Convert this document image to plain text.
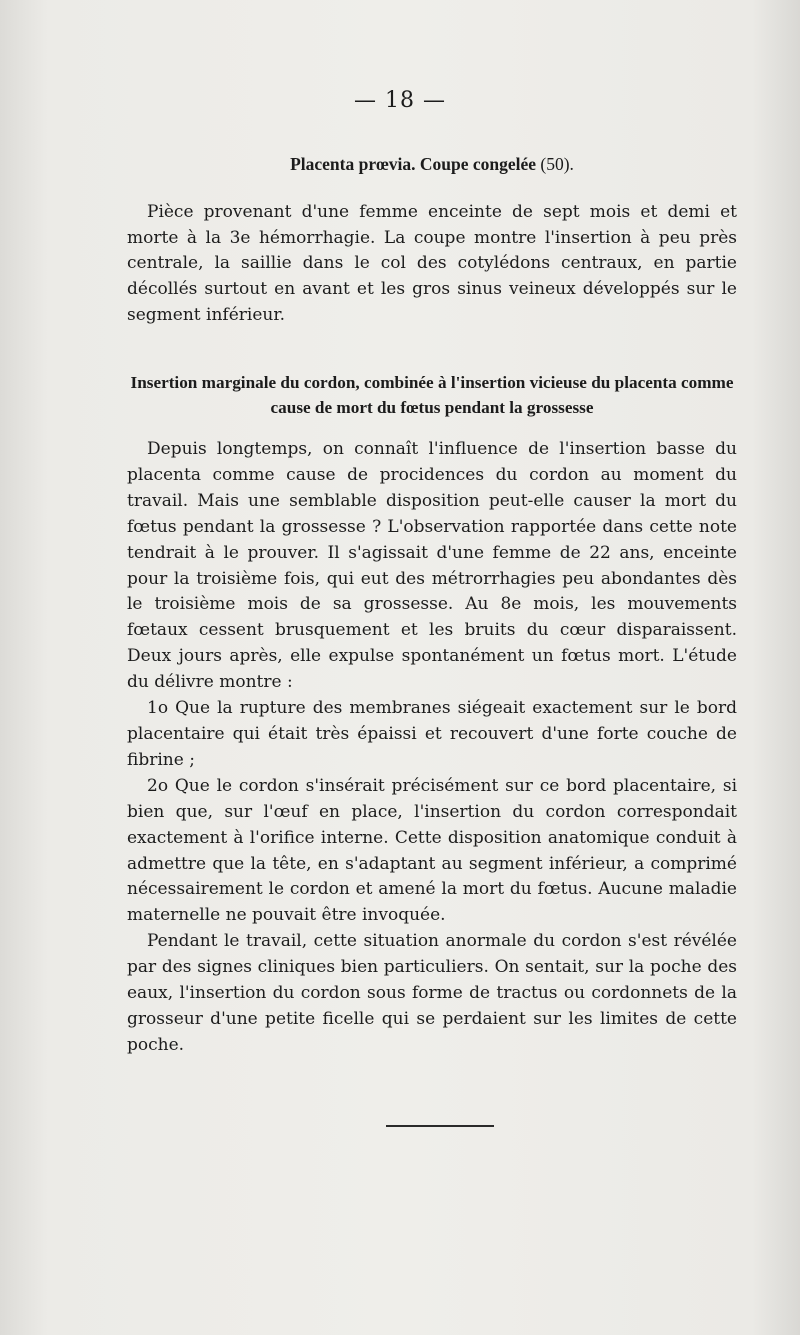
— 18 —
Placenta prœvia. Coupe congelée (50).

Pièce provenant d'une femme enceinte de sept mois et demi et morte à la 3e hémorrhagie. La coupe montre l'insertion à peu près centrale, la saillie dans le col des cotylédons centraux, en partie décollés surtout en avant et les gros sinus veineux développés sur le segment inférieur.

Insertion marginale du cordon, combinée à l'insertion vicieuse du placenta comme cause de mort du fœtus pendant la grossesse

Depuis longtemps, on connaît l'influence de l'insertion basse du placenta comme cause de procidences du cordon au moment du travail. Mais une semblable disposition peut-elle causer la mort du fœtus pendant la grossesse ? L'observation rapportée dans cette note tendrait à le prouver. Il s'agissait d'une femme de 22 ans, enceinte pour la troisième fois, qui eut des métrorrhagies peu abondantes dès le troisième mois de sa grossesse. Au 8e mois, les mouvements fœtaux cessent brusquement et les bruits du cœur disparaissent. Deux jours après, elle expulse spontanément un fœtus mort. L'étude du délivre montre :

1o Que la rupture des membranes siégeait exactement sur le bord placentaire qui était très épaissi et recouvert d'une forte couche de fibrine ;

2o Que le cordon s'insérait précisément sur ce bord placentaire, si bien que, sur l'œuf en place, l'insertion du cordon correspondait exactement à l'orifice interne. Cette disposition anatomique conduit à admettre que la tête, en s'adaptant au segment inférieur, a comprimé nécessairement le cordon et amené la mort du fœtus. Aucune maladie maternelle ne pouvait être invoquée.

Pendant le travail, cette situation anormale du cordon s'est révélée par des signes cliniques bien particuliers. On sentait, sur la poche des eaux, l'insertion du cordon sous forme de tractus ou cordonnets de la grosseur d'une petite ficelle qui se perdaient sur les limites de cette poche.
